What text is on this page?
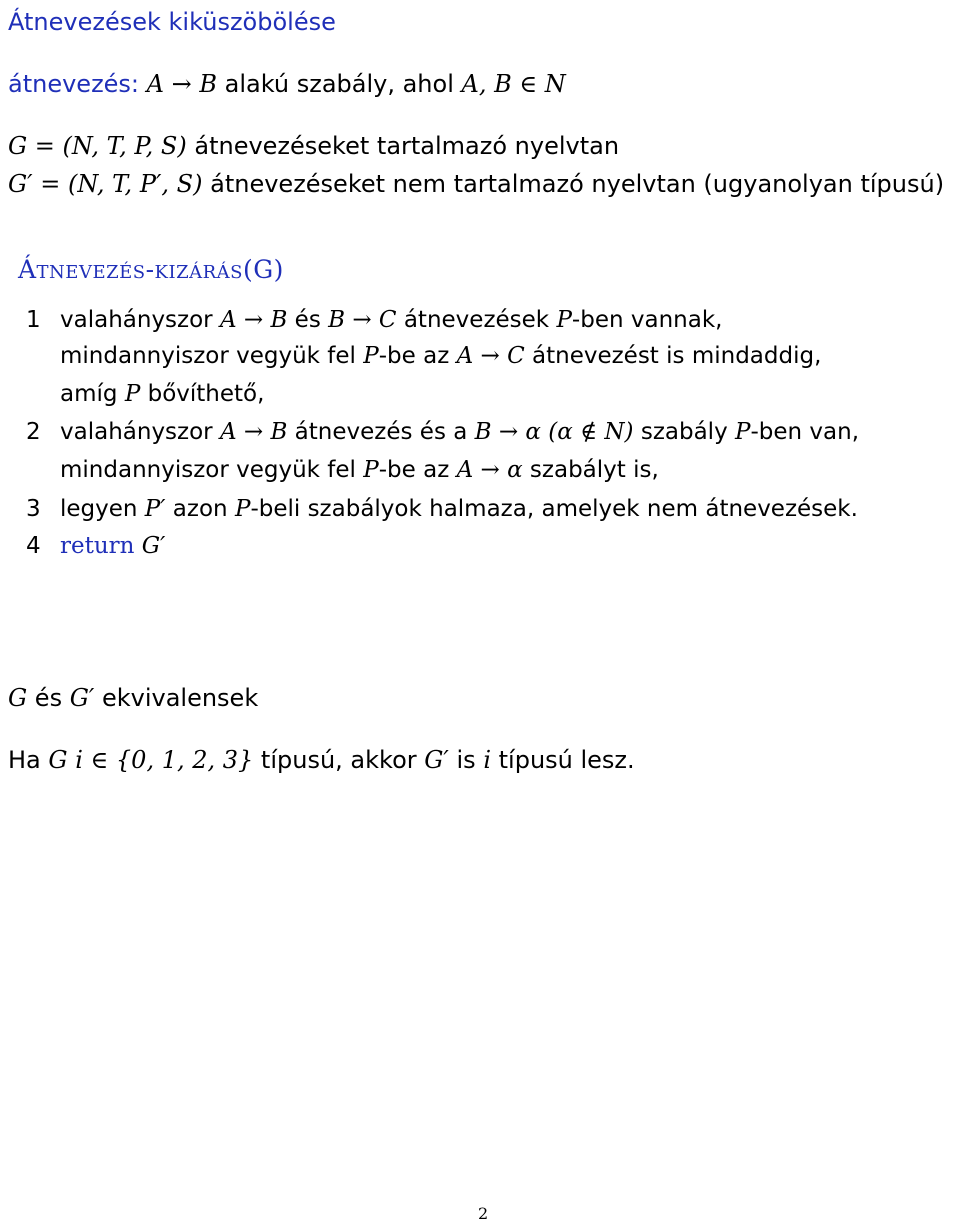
Átnevezések kiküszöbölése
átnevezés: A → B alakú szabály, ahol A, B ∈ N
G = (N, T, P, S) átnevezéseket tartalmazó nyelvtan
G′ = (N, T, P′, S) átnevezéseket nem tartalmazó nyelvtan (ugyanolyan típusú)
Átnevezés-kizárás(G)
1 valahányszor A → B és B → C átnevezések P-ben vannak,
mindannyiszor vegyük fel P-be az A → C átnevezést is mindaddig,
amíg P bővíthető,
2 valahányszor A → B átnevezés és a B → α (α ∉ N) szabály P-ben van,
mindannyiszor vegyük fel P-be az A → α szabályt is,
3 legyen P′ azon P-beli szabályok halmaza, amelyek nem átnevezések.
4 return G′
G és G′ ekvivalensek
Ha G i ∈ {0, 1, 2, 3} típusú, akkor G′ is i típusú lesz.
2
